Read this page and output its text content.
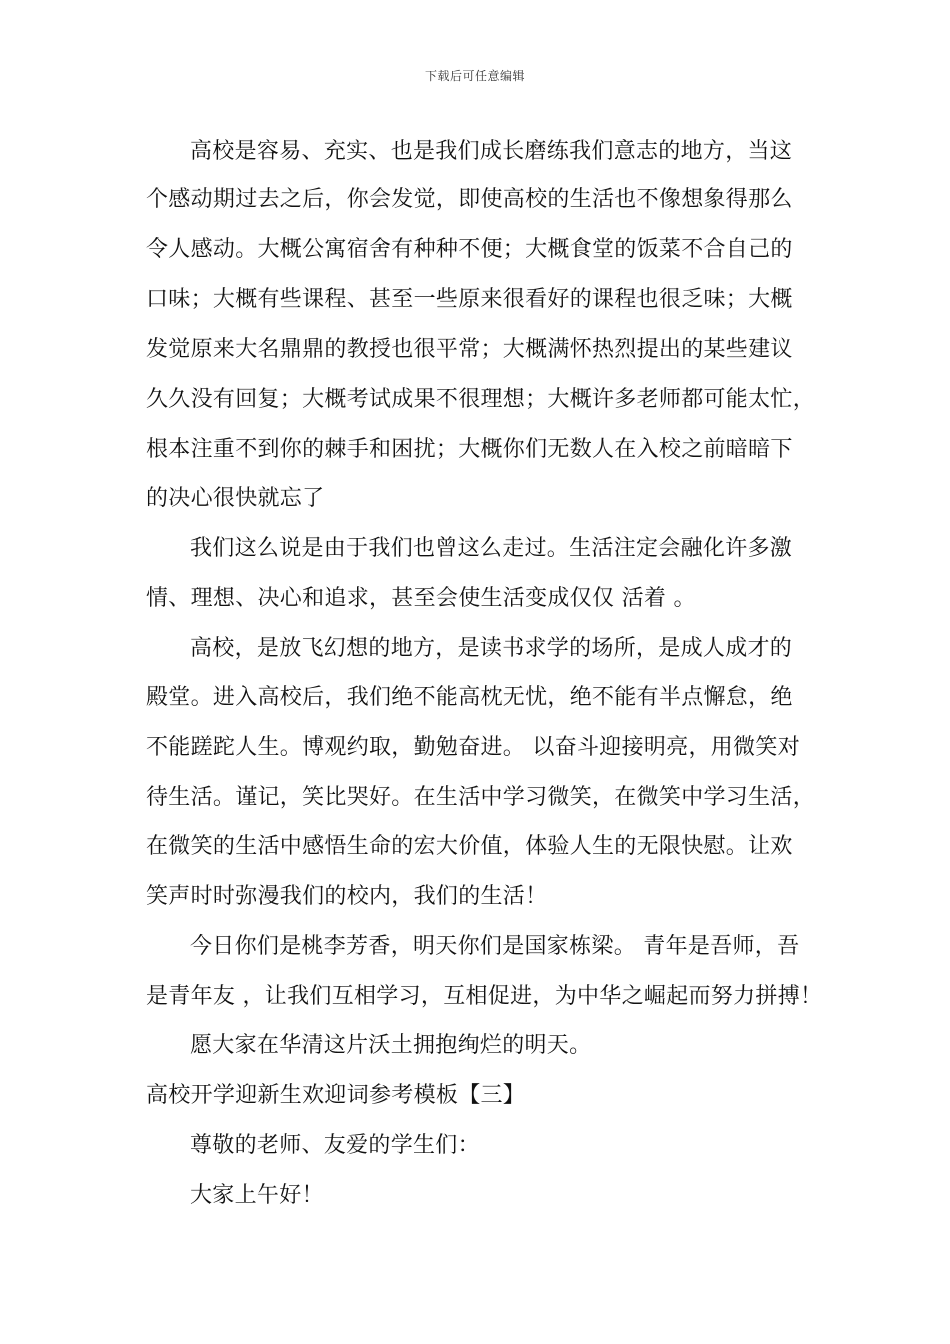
下载后可任意编辑
高校是容易、充实、也是我们成长磨练我们意志的地方，当这
个感动期过去之后，你会发觉，即使高校的生活也不像想象得那么
令人感动。大概公寓宿舍有种种不便；大概食堂的饭菜不合自己的
口味；大概有些课程、甚至一些原来很看好的课程也很乏味；大概
发觉原来大名鼎鼎的教授也很平常；大概满怀热烈提出的某些建议
久久没有回复；大概考试成果不很理想；大概许多老师都可能太忙，
根本注重不到你的棘手和困扰；大概你们无数人在入校之前暗暗下
的决心很快就忘了
我们这么说是由于我们也曾这么走过。生活注定会融化许多激
情、理想、决心和追求，甚至会使生活变成仅仅 活着 。
高校，是放飞幻想的地方，是读书求学的场所，是成人成才的
殿堂。进入高校后，我们绝不能高枕无忧，绝不能有半点懈怠，绝
不能蹉跎人生。博观约取，勤勉奋进。 以奋斗迎接明亮，用微笑对
待生活。谨记，笑比哭好。在生活中学习微笑，在微笑中学习生活，
在微笑的生活中感悟生命的宏大价值，体验人生的无限快慰。让欢
笑声时时弥漫我们的校内，我们的生活！
今日你们是桃李芳香，明天你们是国家栋梁。 青年是吾师，吾
是青年友 ，让我们互相学习，互相促进，为中华之崛起而努力拼搏！
愿大家在华清这片沃土拥抱绚烂的明天。
高校开学迎新生欢迎词参考模板【三】
尊敬的老师、友爱的学生们：
大家上午好！
